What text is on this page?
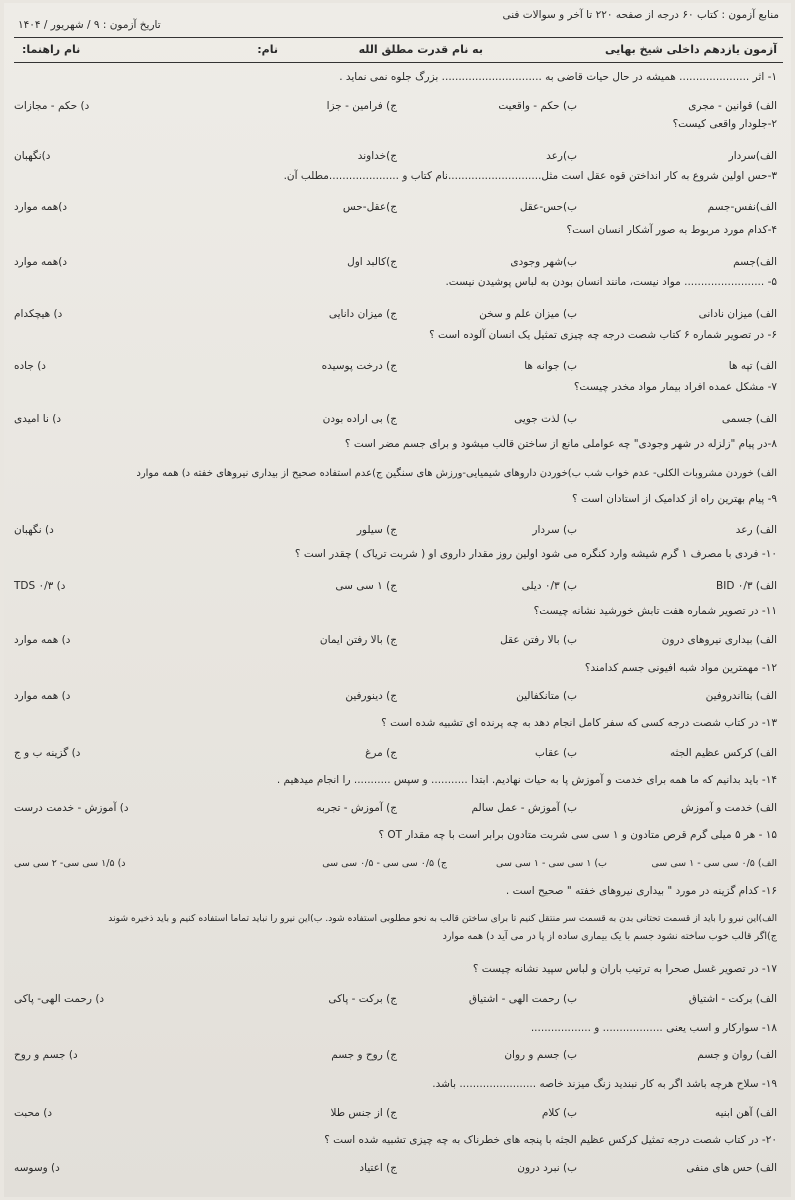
منابع آزمون : کتاب ۶۰ درجه از صفحه ۲۲۰ تا آخر و سوالات فنی
تاریخ آزمون : ۹ / شهریور / ۱۴۰۴
آزمون یازدهم داخلی شیخ بهایی
به نام قدرت مطلق الله
نام:
نام راهنما:
۱- اثر ..................... همیشه در حال حیات قاضی به .............................. بزرگ جلوه نمی نماید .
الف) قوانین - مجری
ب) حکم - واقعیت
ج) فرامین - جزا
د) حکم - مجازات
۲-جلودار واقعی کیست؟
الف)سردار
ب)رعد
ج)خداوند
د)نگهبان
۳-حس اولین شروع به کار انداختن قوه عقل است مثل............................نام کتاب و .....................مطلب آن.
الف)نفس-جسم
ب)حس-عقل
ج)عقل-حس
د)همه موارد
۴-کدام مورد مربوط به صور آشکار انسان است؟
الف)جسم
ب)شهر وجودی
ج)کالبد اول
د)همه موارد
۵- ........................ مواد نیست، مانند انسان بودن به لباس پوشیدن نیست.
الف) میزان نادانی
ب) میزان علم و سخن
ج) میزان دانایی
د) هیچکدام
۶- در تصویر شماره ۶ کتاب شصت درجه چه چیزی تمثیل یک انسان آلوده است ؟
الف) تپه ها
ب) جوانه ها
ج) درخت پوسیده
د) جاده
۷- مشکل عمده افراد بیمار مواد مخدر چیست؟
الف) جسمی
ب) لذت جویی
ج) بی اراده بودن
د) نا امیدی
۸-در پیام "زلزله در شهر وجودی" چه عواملی مانع از ساختن قالب میشود و برای جسم مضر است ؟
الف) خوردن مشروبات الکلی- عدم خواب شب ب)خوردن داروهای شیمیایی-ورزش های سنگین ج)عدم استفاده صحیح از بیداری نیروهای خفته د) همه موارد
۹- پیام بهترین راه از کدامیک از استادان است ؟
الف) رعد
ب) سردار
ج) سیلور
د) نگهبان
۱۰- فردی با مصرف ۱ گرم شیشه وارد کنگره می شود اولین روز مقدار داروی او ( شربت تریاک ) چقدر است ؟
الف) BID ۰/۳
ب) ۰/۳ دیلی
ج) ۱ سی سی
د) TDS ۰/۳
۱۱- در تصویر شماره هفت تابش خورشید نشانه چیست؟
الف) بیداری نیروهای درون
ب) بالا رفتن عقل
ج) بالا رفتن ایمان
د) همه موارد
۱۲- مهمترین مواد شبه افیونی جسم کدامند؟
الف) بتااندروفین
ب) متانکفالین
ج) دینورفین
د) همه موارد
۱۳- در کتاب شصت درجه کسی که سفر کامل انجام دهد به چه پرنده ای تشبیه شده است ؟
الف) کرکس عظیم الجثه
ب) عقاب
ج) مرغ
د) گزینه ب و ج
۱۴- باید بدانیم که ما همه برای خدمت و آموزش پا به حیات نهادیم. ابتدا ........... و سپس ........... را انجام میدهیم .
الف) خدمت و آموزش
ب) آموزش - عمل سالم
ج) آموزش - تجربه
د) آموزش - خدمت درست
۱۵ - هر ۵ میلی گرم قرص متادون و ۱ سی سی شربت متادون برابر است با چه مقدار OT ؟
الف) ۰/۵ سی سی - ۱ سی سی
ب) ۱ سی سی - ۱ سی سی
ج) ۰/۵ سی سی - ۰/۵ سی سی
د) ۱/۵ سی سی- ۲ سی سی
۱۶- کدام گزینه در مورد " بیداری نیروهای خفته " صحیح است .
الف)این نیرو را باید از قسمت تحتانی بدن به قسمت سر منتقل کنیم تا برای ساختن قالب به نحو مطلوبی استفاده شود. ب)این نیرو را نباید تماما استفاده کنیم و باید ذخیره شوند
ج)اگر قالب خوب ساخته نشود جسم با یک بیماری ساده از پا در می آید د) همه موارد
۱۷- در تصویر غسل صحرا به ترتیب باران و لباس سپید نشانه چیست ؟
الف) برکت - اشتیاق
ب) رحمت الهی - اشتیاق
ج) برکت - پاکی
د) رحمت الهی- پاکی
۱۸- سوارکار و اسب یعنی .................. و ..................
الف) روان و جسم
ب) جسم و روان
ج) روح و جسم
د) جسم و روح
۱۹- سلاح هرچه باشد اگر به کار نبندید زنگ میزند خاصه ....................... باشد.
الف) آهن ابنیه
ب) کلام
ج) از جنس طلا
د) محبت
۲۰- در کتاب شصت درجه تمثیل کرکس عظیم الجثه با پنجه های خطرناک به چه چیزی تشبیه شده است ؟
الف) حس های منفی
ب) نبرد درون
ج) اعتیاد
د) وسوسه
